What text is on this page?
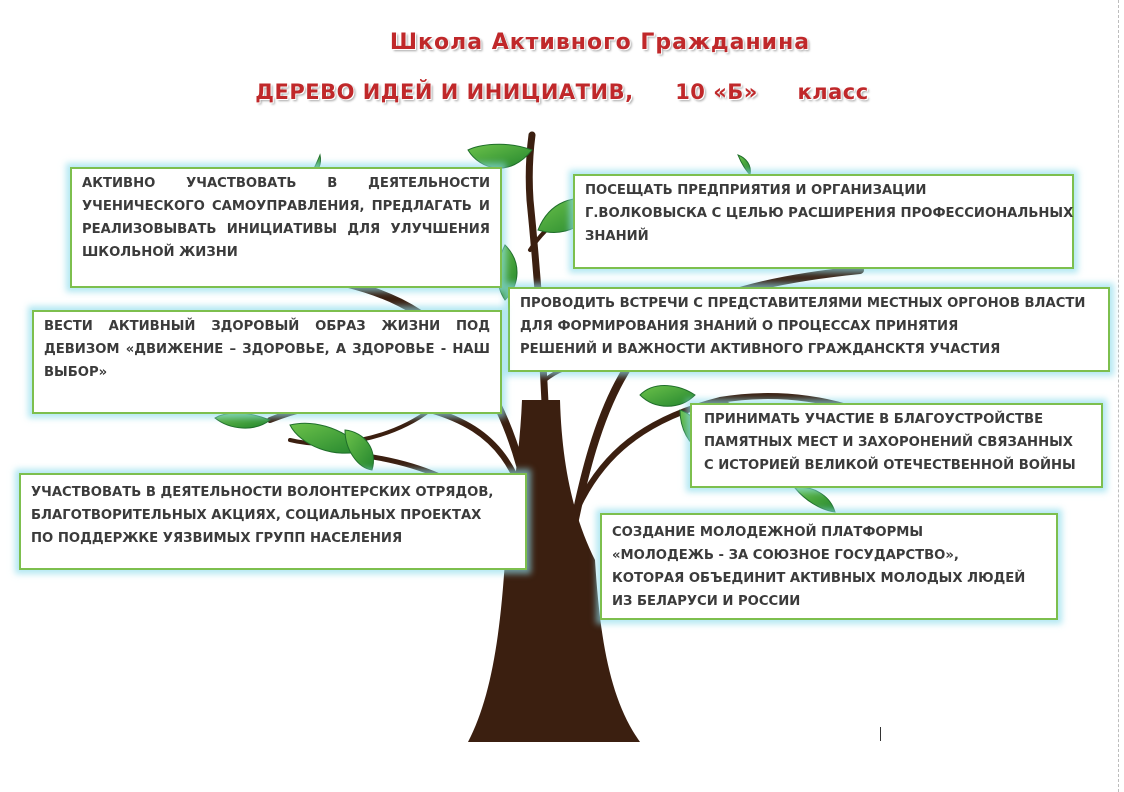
Школа Активного Гражданина
ДЕРЕВО ИДЕЙ И ИНИЦИАТИВ, 10 «Б» класс
АКТИВНО УЧАСТВОВАТЬ В ДЕЯТЕЛЬНОСТИ
УЧЕНИЧЕСКОГО САМОУПРАВЛЕНИЯ, ПРЕДЛАГАТЬ И
РЕАЛИЗОВЫВАТЬ ИНИЦИАТИВЫ ДЛЯ УЛУЧШЕНИЯ
ШКОЛЬНОЙ ЖИЗНИ
ПОСЕЩАТЬ ПРЕДПРИЯТИЯ И ОРГАНИЗАЦИИ
Г.ВОЛКОВЫСКА С ЦЕЛЬЮ РАСШИРЕНИЯ ПРОФЕССИОНАЛЬНЫХ
ЗНАНИЙ
ПРОВОДИТЬ ВСТРЕЧИ С ПРЕДСТАВИТЕЛЯМИ МЕСТНЫХ ОРГОНОВ ВЛАСТИ
ДЛЯ ФОРМИРОВАНИЯ ЗНАНИЙ О ПРОЦЕССАХ ПРИНЯТИЯ
РЕШЕНИЙ И ВАЖНОСТИ АКТИВНОГО ГРАЖДАНСКТЯ УЧАСТИЯ
ВЕСТИ АКТИВНЫЙ ЗДОРОВЫЙ ОБРАЗ ЖИЗНИ ПОД
ДЕВИЗОМ «ДВИЖЕНИЕ – ЗДОРОВЬЕ, А ЗДОРОВЬЕ - НАШ
ВЫБОР»
ПРИНИМАТЬ УЧАСТИЕ В БЛАГОУСТРОЙСТВЕ
ПАМЯТНЫХ МЕСТ И ЗАХОРОНЕНИЙ СВЯЗАННЫХ
С ИСТОРИЕЙ ВЕЛИКОЙ ОТЕЧЕСТВЕННОЙ ВОЙНЫ
УЧАСТВОВАТЬ В ДЕЯТЕЛЬНОСТИ ВОЛОНТЕРСКИХ ОТРЯДОВ,
БЛАГОТВОРИТЕЛЬНЫХ АКЦИЯХ, СОЦИАЛЬНЫХ ПРОЕКТАХ
ПО ПОДДЕРЖКЕ УЯЗВИМЫХ ГРУПП НАСЕЛЕНИЯ	СОЗДАНИЕ МОЛОДЕЖНОЙ ПЛАТФОРМЫ
«МОЛОДЕЖЬ - ЗА СОЮЗНОЕ ГОСУДАРСТВО»,
КОТОРАЯ ОБЪЕДИНИТ АКТИВНЫХ МОЛОДЫХ ЛЮДЕЙ
ИЗ БЕЛАРУСИ И РОССИИ
